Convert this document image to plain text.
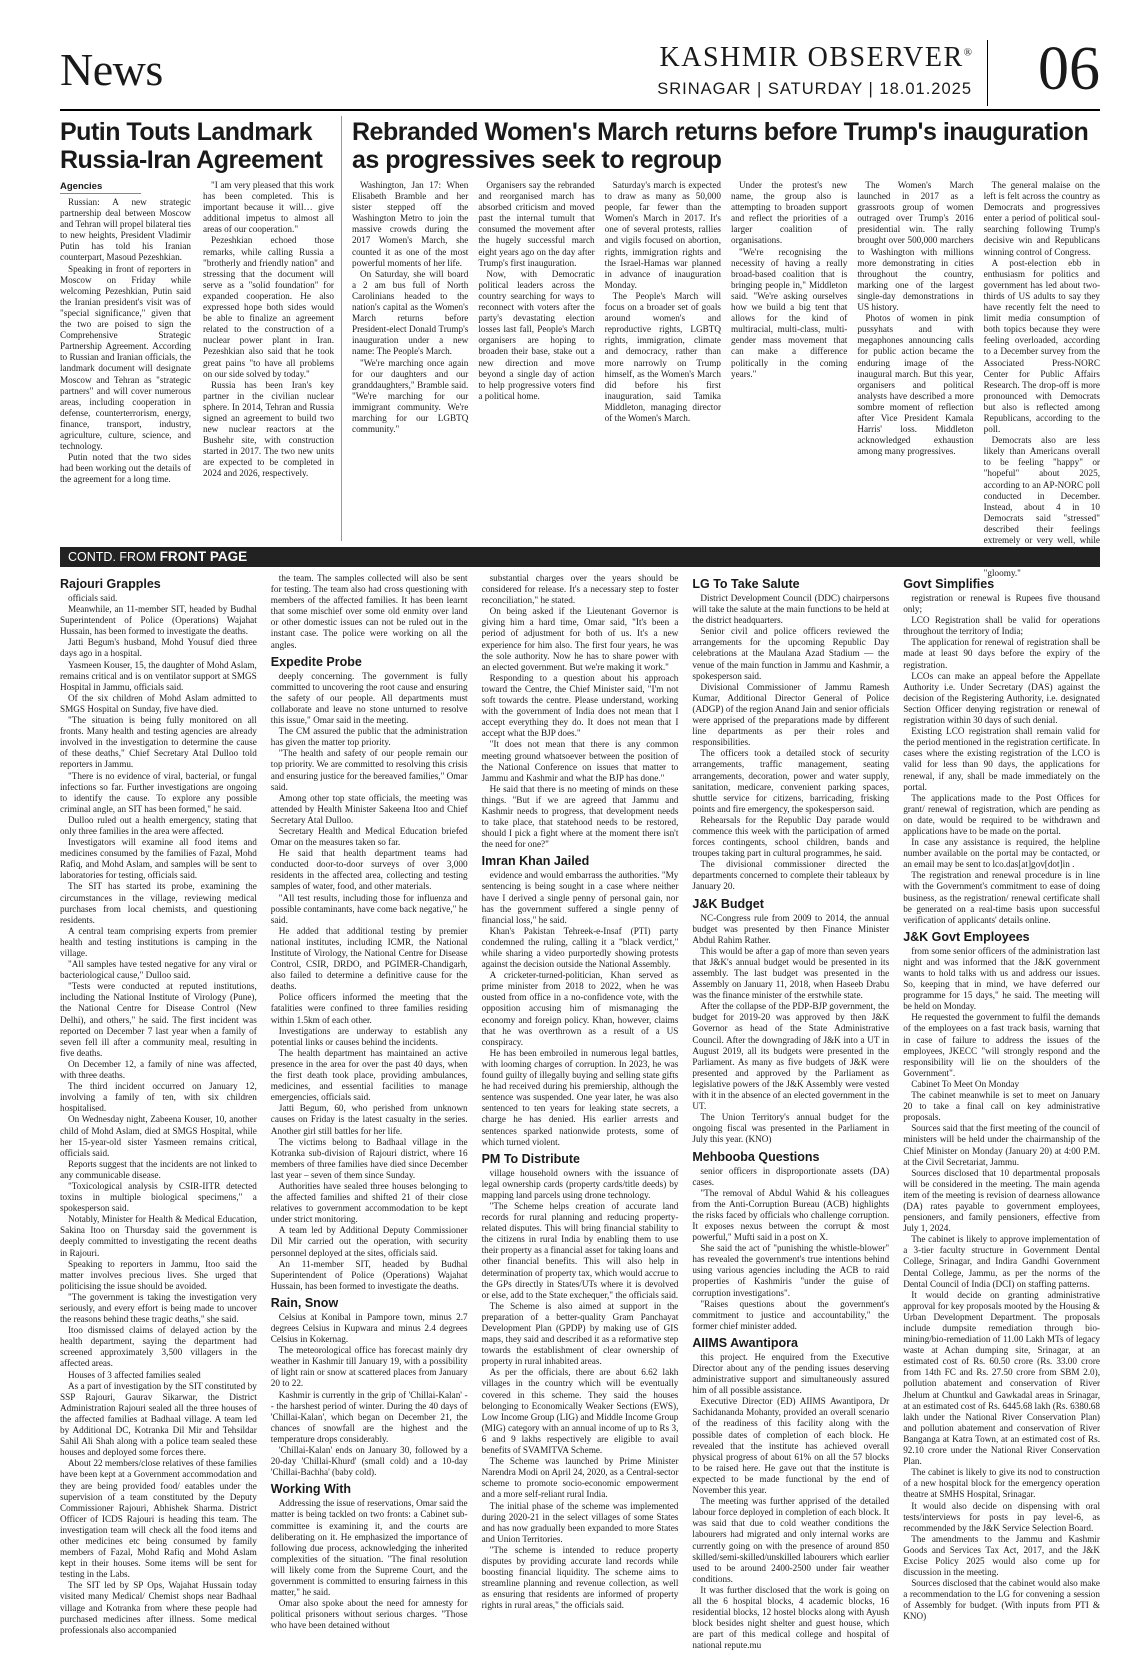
News	KASHMIR OBSERVER®
SRINAGAR | SATURDAY | 18.01.2025 06
Putin Touts Landmark Russia-Iran Agreement
Rebranded Women's March returns before Trump's inauguration as progressives seek to regroup
Agencies

Russian: A new strategic partnership deal between Moscow and Tehran will propel bilateral ties to new heights, President Vladimir Putin has told his Iranian counterpart, Masoud Pezeshkian.

Speaking in front of reporters in Moscow on Friday while welcoming Pezeshkian, Putin said the Iranian president's visit was of "special significance," given that the two are poised to sign the Comprehensive Strategic Partnership Agreement. According to Russian and Iranian officials, the landmark document will designate Moscow and Tehran as "strategic partners" and will cover numerous areas, including cooperation in defense, counterterrorism, energy, finance, transport, industry, agriculture, culture, science, and technology.

Putin noted that the two sides had been working out the details of the agreement for a long time.

"I am very pleased that this work has been completed. This is important because it will… give additional impetus to almost all areas of our cooperation."

Pezeshkian echoed those remarks, while calling Russia a "brotherly and friendly nation" and stressing that the document will serve as a "solid foundation" for expanded cooperation. He also expressed hope both sides would be able to finalize an agreement related to the construction of a nuclear power plant in Iran. Pezeshkian also said that he took great pains "to have all problems on our side solved by today."

Russia has been Iran's key partner in the civilian nuclear sphere. In 2014, Tehran and Russia signed an agreement to build two new nuclear reactors at the Bushehr site, with construction started in 2017. The two new units are expected to be completed in 2024 and 2026, respectively.

Washington, Jan 17: When Elisabeth Bramble and her sister stepped off the Washington Metro to join the massive crowds during the 2017 Women's March, she counted it as one of the most powerful moments of her life.

On Saturday, she will board a 2 am bus full of North Carolinians headed to the nation's capital as the Women's March returns before President-elect Donald Trump's inauguration under a new name: The People's March.

"We're marching once again for our daughters and our granddaughters," Bramble said. "We're marching for our immigrant community. We're marching for our LGBTQ community."

Organisers say the rebranded and reorganised march has absorbed criticism and moved past the internal tumult that consumed the movement after the hugely successful march eight years ago on the day after Trump's first inauguration.

Now, with Democratic political leaders across the country searching for ways to reconnect with voters after the party's devastating election losses last fall, People's March organisers are hoping to broaden their base, stake out a new direction and move beyond a single day of action to help progressive voters find a political home.

Saturday's march is expected to draw as many as 50,000 people, far fewer than the Women's March in 2017. It's one of several protests, rallies and vigils focused on abortion, rights, immigration rights and the Israel-Hamas war planned in advance of inauguration Monday.

The People's March will focus on a broader set of goals around women's and reproductive rights, LGBTQ rights, immigration, climate and democracy, rather than more narrowly on Trump himself, as the Women's March did before his first inauguration, said Tamika Middleton, managing director of the Women's March.

Under the protest's new name, the group also is attempting to broaden support and reflect the priorities of a larger coalition of organisations.

"We're recognising the necessity of having a really broad-based coalition that is bringing people in," Middleton said. "We're asking ourselves how we build a big tent that allows for the kind of multiracial, multi-class, multi-gender mass movement that can make a difference politically in the coming years."

The Women's March launched in 2017 as a grassroots group of women outraged over Trump's 2016 presidential win. The rally brought over 500,000 marchers to Washington with millions more demonstrating in cities throughout the country, marking one of the largest single-day demonstrations in US history.

Photos of women in pink pussyhats and with megaphones announcing calls for public action became the enduring image of the inaugural march. But this year, organisers and political analysts have described a more sombre moment of reflection after Vice President Kamala Harris' loss. Middleton acknowledged exhaustion among many progressives.

The general malaise on the left is felt across the country as Democrats and progressives enter a period of political soul-searching following Trump's decisive win and Republicans winning control of Congress.

A post-election ebb in enthusiasm for politics and government has led about two-thirds of US adults to say they have recently felt the need to limit media consumption of both topics because they were feeling overloaded, according to a December survey from the Associated Press-NORC Center for Public Affairs Research. The drop-off is more pronounced with Democrats but also is reflected among Republicans, according to the poll.

Democrats also are less likely than Americans overall to be feeling "happy" or "hopeful" about 2025, according to an AP-NORC poll conducted in December. Instead, about 4 in 10 Democrats said "stressed" described their feelings extremely or very well, while "gloomy."

CONTD. FROM FRONT PAGE
Rajouri Grapples

officials said.

Meanwhile, an 11-member SIT, headed by Budhal Superintendent of Police (Operations) Wajahat Hussain, has been formed to investigate the deaths.

Jatti Begum's husband, Mohd Yousuf died three days ago in a hospital.

Yasmeen Kouser, 15, the daughter of Mohd Aslam, remains critical and is on ventilator support at SMGS Hospital in Jammu, officials said.

Of the six children of Mohd Aslam admitted to SMGS Hospital on Sunday, five have died.

"The situation is being fully monitored on all fronts. Many health and testing agencies are already involved in the investigation to determine the cause of these deaths," Chief Secretary Atal Dulloo told reporters in Jammu.

"There is no evidence of viral, bacterial, or fungal infections so far. Further investigations are ongoing to identify the cause. To explore any possible criminal angle, an SIT has been formed," he said.

Dulloo ruled out a health emergency, stating that only three families in the area were affected.

Investigators will examine all food items and medicines consumed by the families of Fazal, Mohd Rafiq, and Mohd Aslam, and samples will be sent to laboratories for testing, officials said.

The SIT has started its probe, examining the circumstances in the village, reviewing medical purchases from local chemists, and questioning residents.

A central team comprising experts from premier health and testing institutions is camping in the village.

"All samples have tested negative for any viral or bacteriological cause," Dulloo said.

"Tests were conducted at reputed institutions, including the National Institute of Virology (Pune), the National Centre for Disease Control (New Delhi), and others," he said. The first incident was reported on December 7 last year when a family of seven fell ill after a community meal, resulting in five deaths.

On December 12, a family of nine was affected, with three deaths.

The third incident occurred on January 12, involving a family of ten, with six children hospitalised.

On Wednesday night, Zabeena Kouser, 10, another child of Mohd Aslam, died at SMGS Hospital, while her 15-year-old sister Yasmeen remains critical, officials said.

Reports suggest that the incidents are not linked to any communicable disease.

"Toxicological analysis by CSIR-IITR detected toxins in multiple biological specimens," a spokesperson said.

Notably, Minister for Health & Medical Education, Sakina Itoo on Thursday said the government is deeply committed to investigating the recent deaths in Rajouri.

Speaking to reporters in Jammu, Itoo said the matter involves precious lives. She urged that politicising the issue should be avoided.

"The government is taking the investigation very seriously, and every effort is being made to uncover the reasons behind these tragic deaths," she said.

Itoo dismissed claims of delayed action by the health department, saying the department had screened approximately 3,500 villagers in the affected areas.

Houses of 3 affected families sealed

As a part of investigation by the SIT constituted by SSP Rajouri, Gaurav Sikarwar, the District Administration Rajouri sealed all the three houses of the affected families at Badhaal village. A team led by Additional DC, Kotranka Dil Mir and Tehsildar Sahil Ali Shah along with a police team sealed these houses and deployed some forces there.

About 22 members/close relatives of these families have been kept at a Government accommodation and they are being provided food/ eatables under the supervision of a team constituted by the Deputy Commissioner Rajouri, Abhishek Sharma. District Officer of ICDS Rajouri is heading this team. The investigation team will check all the food items and other medicines etc being consumed by family members of Fazal, Mohd Rafiq and Mohd Aslam kept in their houses. Some items will be sent for testing in the Labs.

The SIT led by SP Ops, Wajahat Hussain today visited many Medical/ Chemist shops near Badhaal village and Kotranka from where these people had purchased medicines after illness. Some medical professionals also accompanied

the team. The samples collected will also be sent for testing. The team also had cross questioning with members of the affected families. It has been learnt that some mischief over some old enmity over land or other domestic issues can not be ruled out in the instant case. The police were working on all the angles.

Expedite Probe

deeply concerning. The government is fully committed to uncovering the root cause and ensuring the safety of our people. All departments must collaborate and leave no stone unturned to resolve this issue," Omar said in the meeting.

The CM assured the public that the administration has given the matter top priority.

"The health and safety of our people remain our top priority. We are committed to resolving this crisis and ensuring justice for the bereaved families," Omar said.

Among other top state officials, the meeting was attended by Health Minister Sakeena Itoo and Chief Secretary Atal Dulloo.

Secretary Health and Medical Education briefed Omar on the measures taken so far.

He said that health department teams had conducted door-to-door surveys of over 3,000 residents in the affected area, collecting and testing samples of water, food, and other materials.

"All test results, including those for influenza and possible contaminants, have come back negative," he said.

He added that additional testing by premier national institutes, including ICMR, the National Institute of Virology, the National Centre for Disease Control, CSIR, DRDO, and PGIMER-Chandigarh, also failed to determine a definitive cause for the deaths.

Police officers informed the meeting that the fatalities were confined to three families residing within 1.5km of each other.

Investigations are underway to establish any potential links or causes behind the incidents.

The health department has maintained an active presence in the area for over the past 40 days, when the first death took place, providing ambulances, medicines, and essential facilities to manage emergencies, officials said.

Jatti Begum, 60, who perished from unknown causes on Friday is the latest casualty in the series. Another girl still battles for her life.

The victims belong to Badhaal village in the Kotranka sub-division of Rajouri district, where 16 members of three families have died since December last year – seven of them since Sunday.

Authorities have sealed three houses belonging to the affected families and shifted 21 of their close relatives to government accommodation to be kept under strict monitoring.

A team led by Additional Deputy Commissioner Dil Mir carried out the operation, with security personnel deployed at the sites, officials said.

An 11-member SIT, headed by Budhal Superintendent of Police (Operations) Wajahat Hussain, has been formed to investigate the deaths.

Rain, Snow

Celsius at Konibal in Pampore town, minus 2.7 degrees Celsius in Kupwara and minus 2.4 degrees Celsius in Kokernag.

The meteorological office has forecast mainly dry weather in Kashmir till January 19, with a possibility of light rain or snow at scattered places from January 20 to 22.

Kashmir is currently in the grip of 'Chillai-Kalan' -- the harshest period of winter. During the 40 days of 'Chillai-Kalan', which began on December 21, the chances of snowfall are the highest and the temperature drops considerably.

'Chillai-Kalan' ends on January 30, followed by a 20-day 'Chillai-Khurd' (small cold) and a 10-day 'Chillai-Bachha' (baby cold).

Working With

Addressing the issue of reservations, Omar said the matter is being tackled on two fronts: a Cabinet sub-committee is examining it, and the courts are deliberating on it. He emphasized the importance of following due process, acknowledging the inherited complexities of the situation. "The final resolution will likely come from the Supreme Court, and the government is committed to ensuring fairness in this matter," he said.

Omar also spoke about the need for amnesty for political prisoners without serious charges. "Those who have been detained without

substantial charges over the years should be considered for release. It's a necessary step to foster reconciliation," he stated.

On being asked if the Lieutenant Governor is giving him a hard time, Omar said, "It's been a period of adjustment for both of us. It's a new experience for him also. The first four years, he was the sole authority. Now he has to share power with an elected government. But we're making it work."

Responding to a question about his approach toward the Centre, the Chief Minister said, "I'm not soft towards the centre. Please understand, working with the government of India does not mean that I accept everything they do. It does not mean that I accept what the BJP does."

"It does not mean that there is any common meeting ground whatsoever between the position of the National Conference on issues that matter to Jammu and Kashmir and what the BJP has done."

He said that there is no meeting of minds on these things. "But if we are agreed that Jammu and Kashmir needs to progress, that development needs to take place, that statehood needs to be restored, should I pick a fight where at the moment there isn't the need for one?"

Imran Khan Jailed

evidence and would embarrass the authorities. "My sentencing is being sought in a case where neither have I derived a single penny of personal gain, nor has the government suffered a single penny of financial loss," he said.

Khan's Pakistan Tehreek-e-Insaf (PTI) party condemned the ruling, calling it a "black verdict," while sharing a video purportedly showing protests against the decision outside the National Assembly.

A cricketer-turned-politician, Khan served as prime minister from 2018 to 2022, when he was ousted from office in a no-confidence vote, with the opposition accusing him of mismanaging the economy and foreign policy. Khan, however, claims that he was overthrown as a result of a US conspiracy.

He has been embroiled in numerous legal battles, with looming charges of corruption. In 2023, he was found guilty of illegally buying and selling state gifts he had received during his premiership, although the sentence was suspended. One year later, he was also sentenced to ten years for leaking state secrets, a charge he has denied. His earlier arrests and sentences sparked nationwide protests, some of which turned violent.

PM To Distribute

village household owners with the issuance of legal ownership cards (property cards/title deeds) by mapping land parcels using drone technology.

"The Scheme helps creation of accurate land records for rural planning and reducing property-related disputes. This will bring financial stability to the citizens in rural India by enabling them to use their property as a financial asset for taking loans and other financial benefits. This will also help in determination of property tax, which would accrue to the GPs directly in States/UTs where it is devolved or else, add to the State exchequer," the officials said.

The Scheme is also aimed at support in the preparation of a better-quality Gram Panchayat Development Plan (GPDP) by making use of GIS maps, they said and described it as a reformative step towards the establishment of clear ownership of property in rural inhabited areas.

As per the officials, there are about 6.62 lakh villages in the country which will be eventually covered in this scheme. They said the houses belonging to Economically Weaker Sections (EWS), Low Income Group (LIG) and Middle Income Group (MIG) category with an annual income of up to Rs 3, 6 and 9 lakhs respectively are eligible to avail benefits of SVAMITVA Scheme.

The Scheme was launched by Prime Minister Narendra Modi on April 24, 2020, as a Central-sector scheme to promote socio-economic empowerment and a more self-reliant rural India.

The initial phase of the scheme was implemented during 2020-21 in the select villages of some States and has now gradually been expanded to more States and Union Territories.

"The scheme is intended to reduce property disputes by providing accurate land records while boosting financial liquidity. The scheme aims to streamline planning and revenue collection, as well as ensuring that residents are informed of property rights in rural areas," the officials said.

LG To Take Salute

District Development Council (DDC) chairpersons will take the salute at the main functions to be held at the district headquarters.

Senior civil and police officers reviewed the arrangements for the upcoming Republic Day celebrations at the Maulana Azad Stadium — the venue of the main function in Jammu and Kashmir, a spokesperson said.

Divisional Commissioner of Jammu Ramesh Kumar, Additional Director General of Police (ADGP) of the region Anand Jain and senior officials were apprised of the preparations made by different line departments as per their roles and responsibilities.

The officers took a detailed stock of security arrangements, traffic management, seating arrangements, decoration, power and water supply, sanitation, medicare, convenient parking spaces, shuttle service for citizens, barricading, frisking points and fire emergency, the spokesperson said.

Rehearsals for the Republic Day parade would commence this week with the participation of armed forces contingents, school children, bands and troupes taking part in cultural programmes, he said.

The divisional commissioner directed the departments concerned to complete their tableaux by January 20.

J&K Budget

NC-Congress rule from 2009 to 2014, the annual budget was presented by then Finance Minister Abdul Rahim Rather.

This would be after a gap of more than seven years that J&K's annual budget would be presented in its assembly. The last budget was presented in the Assembly on January 11, 2018, when Haseeb Drabu was the finance minister of the erstwhile state.

After the collapse of the PDP-BJP government, the budget for 2019-20 was approved by then J&K Governor as head of the State Administrative Council. After the downgrading of J&K into a UT in August 2019, all its budgets were presented in the Parliament. As many as five budgets of J&K were presented and approved by the Parliament as legislative powers of the J&K Assembly were vested with it in the absence of an elected government in the UT.

The Union Territory's annual budget for the ongoing fiscal was presented in the Parliament in July this year. (KNO)

Mehbooba Questions

senior officers in disproportionate assets (DA) cases.

"The removal of Abdul Wahid & his colleagues from the Anti-Corruption Bureau (ACB) highlights the risks faced by officials who challenge corruption. It exposes nexus between the corrupt & most powerful," Mufti said in a post on X.

She said the act of "punishing the whistle-blower" has revealed the government's true intentions behind using various agencies including the ACB to raid properties of Kashmiris "under the guise of corruption investigations".

"Raises questions about the government's commitment to justice and accountability," the former chief minister added.

AIIMS Awantipora

this project. He enquired from the Executive Director about any of the pending issues deserving administrative support and simultaneously assured him of all possible assistance.

Executive Director (ED) AIIMS Awantipora, Dr Sachidananda Mohanty, provided an overall scenario of the readiness of this facility along with the possible dates of completion of each block. He revealed that the institute has achieved overall physical progress of about 61% on all the 57 blocks to be raised here. He gave out that the institute is expected to be made functional by the end of November this year.

The meeting was further apprised of the detailed labour force deployed in completion of each block. It was said that due to cold weather conditions the labourers had migrated and only internal works are currently going on with the presence of around 850 skilled/semi-skilled/unskilled labourers which earlier used to be around 2400-2500 under fair weather conditions.

It was further disclosed that the work is going on all the 6 hospital blocks, 4 academic blocks, 16 residential blocks, 12 hostel blocks along with Ayush block besides night shelter and guest house, which are part of this medical college and hospital of national repute.mu

Govt Simplifies

registration or renewal is Rupees five thousand only;

LCO Registration shall be valid for operations throughout the territory of India;

The application for renewal of registration shall be made at least 90 days before the expiry of the registration.

LCOs can make an appeal before the Appellate Authority i.e. Under Secretary (DAS) against the decision of the Registering Authority, i.e. designated Section Officer denying registration or renewal of registration within 30 days of such denial.

Existing LCO registration shall remain valid for the period mentioned in the registration certificate. In cases where the existing registration of the LCO is valid for less than 90 days, the applications for renewal, if any, shall be made immediately on the portal.

The applications made to the Post Offices for grant/ renewal of registration, which are pending as on date, would be required to be withdrawn and applications have to be made on the portal.

In case any assistance is required, the helpline number available on the portal may be contacted, or an email may be sent to lco.das[at]gov[dot]in .

The registration and renewal procedure is in line with the Government's commitment to ease of doing business, as the registration/ renewal certificate shall be generated on a real-time basis upon successful verification of applicants' details online.

J&K Govt Employees

from some senior officers of the administration last night and was informed that the J&K government wants to hold talks with us and address our issues. So, keeping that in mind, we have deferred our programme for 15 days," he said. The meeting will be held on Monday.

He requested the government to fulfil the demands of the employees on a fast track basis, warning that in case of failure to address the issues of the employees, JKECC "will strongly respond and the responsibility will lie on the shoulders of the Government".

Cabinet To Meet On Monday

The cabinet meanwhile is set to meet on January 20 to take a final call on key administrative proposals.

Sources said that the first meeting of the council of ministers will be held under the chairmanship of the Chief Minister on Monday (January 20) at 4:00 P.M. at the Civil Secretariat, Jammu.

Sources disclosed that 10 departmental proposals will be considered in the meeting. The main agenda item of the meeting is revision of dearness allowance (DA) rates payable to government employees, pensioners, and family pensioners, effective from July 1, 2024.

The cabinet is likely to approve implementation of a 3-tier faculty structure in Government Dental College, Srinagar, and Indira Gandhi Government Dental College, Jammu, as per the norms of the Dental Council of India (DCI) on staffing patterns.

It would decide on granting administrative approval for key proposals mooted by the Housing & Urban Development Department. The proposals include dumpsite remediation through bio-mining/bio-remediation of 11.00 Lakh MTs of legacy waste at Achan dumping site, Srinagar, at an estimated cost of Rs. 60.50 crore (Rs. 33.00 crore from 14th FC and Rs. 27.50 crore from SBM 2.0), pollution abatement and conservation of River Jhelum at Chuntkul and Gawkadal areas in Srinagar, at an estimated cost of Rs. 6445.68 lakh (Rs. 6380.68 lakh under the National River Conservation Plan) and pollution abatement and conservation of River Banganga at Katra Town, at an estimated cost of Rs. 92.10 crore under the National River Conservation Plan.

The cabinet is likely to give its nod to construction of a new hospital block for the emergency operation theatre at SMHS Hospital, Srinagar.

It would also decide on dispensing with oral tests/interviews for posts in pay level-6, as recommended by the J&K Service Selection Board.

The amendments to the Jammu and Kashmir Goods and Services Tax Act, 2017, and the J&K Excise Policy 2025 would also come up for discussion in the meeting.

Sources disclosed that the cabinet would also make a recommendation to the LG for convening a session of Assembly for budget. (With inputs from PTI & KNO)
